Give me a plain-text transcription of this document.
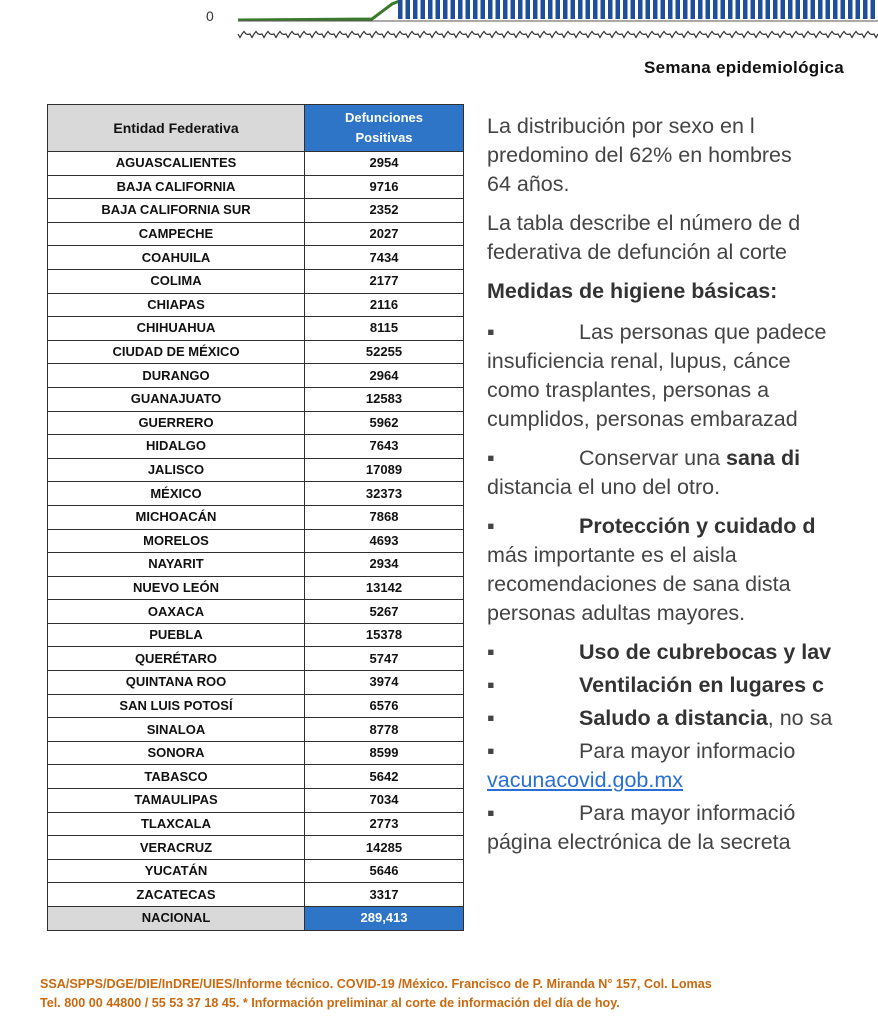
0
Semana epidemiológica
Entidad Federativa	Defunciones
Positivas
AGUASCALIENTES	2954
BAJA CALIFORNIA	9716
BAJA CALIFORNIA SUR	2352
CAMPECHE	2027
COAHUILA	7434
COLIMA	2177
CHIAPAS	2116
CHIHUAHUA	8115
CIUDAD DE MÉXICO	52255
DURANGO	2964
GUANAJUATO	12583
GUERRERO	5962
HIDALGO	7643
JALISCO	17089
MÉXICO	32373
MICHOACÁN	7868
MORELOS	4693
NAYARIT	2934
NUEVO LEÓN	13142
OAXACA	5267
PUEBLA	15378
QUERÉTARO	5747
QUINTANA ROO	3974
SAN LUIS POTOSÍ	6576
SINALOA	8778
SONORA	8599
TABASCO	5642
TAMAULIPAS	7034
TLAXCALA	2773
VERACRUZ	14285
YUCATÁN	5646
ZACATECAS	3317
NACIONAL	289,413

La distribución por sexo en l
predomino del 62% en hombres
64 años.

La tabla describe el número de d
federativa de defunción al corte

Medidas de higiene básicas:

▪	Las personas que padece
insuficiencia renal, lupus, cánce
como trasplantes, personas a
cumplidos, personas embarazad

▪	Conservar una sana di
distancia el uno del otro.

▪	Protección y cuidado d
más importante es el aisla
recomendaciones de sana dista
personas adultas mayores.

▪	Uso de cubrebocas y lav

▪	Ventilación en lugares c

▪	Saludo a distancia, no sa

▪	Para mayor informacio
vacunacovid.gob.mx

▪	Para mayor informació
página electrónica de la secreta

SSA/SPPS/DGE/DIE/InDRE/UIES/Informe técnico. COVID-19 /México. Francisco de P. Miranda N° 157, Col. Lomas
Tel. 800 00 44800 / 55 53 37 18 45. * Información preliminar al corte de información del día de hoy.
